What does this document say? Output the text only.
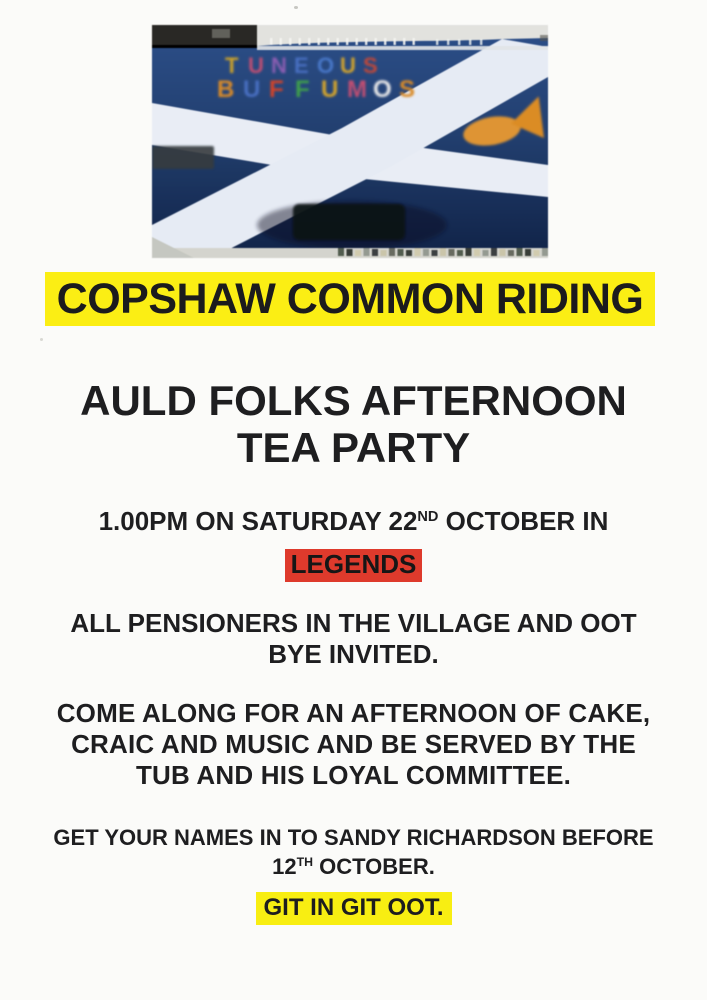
T U N E O U S
B U F F U M O S
COPSHAW COMMON RIDING
AULD FOLKS AFTERNOON
TEA PARTY
1.00PM ON SATURDAY 22ND OCTOBER IN
LEGENDS
ALL PENSIONERS IN THE VILLAGE AND OOT
BYE INVITED.
COME ALONG FOR AN AFTERNOON OF CAKE,
CRAIC AND MUSIC AND BE SERVED BY THE
TUB AND HIS LOYAL COMMITTEE.
GET YOUR NAMES IN TO SANDY RICHARDSON BEFORE
12TH OCTOBER.
GIT IN GIT OOT.
